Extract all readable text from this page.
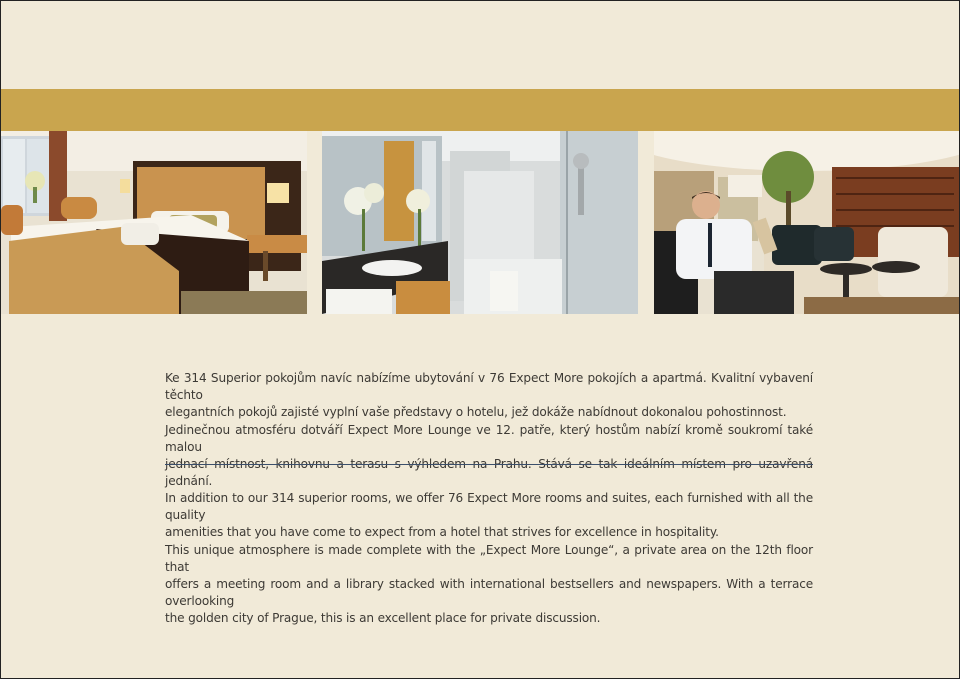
Ke 314 Superior pokojům navíc nabízíme ubytování v 76 Expect More pokojích a apartmá. Kvalitní vybavení těchto

elegantních pokojů zajisté vyplní vaše představy o hotelu, jež dokáže nabídnout dokonalou pohostinnost.

Jedinečnou atmosféru dotváří Expect More Lounge ve 12. patře, který hostům nabízí kromě soukromí také malou

jednací místnost, knihovnu a terasu s výhledem na Prahu. Stává se tak ideálním místem pro uzavřená jednání.

In addition to our 314 superior rooms, we offer 76 Expect More rooms and suites, each furnished with all the quality

amenities that you have come to expect from a hotel that strives for excellence in hospitality.

This unique atmosphere is made complete with the „Expect More Lounge“, a private area on the 12th floor that

offers a meeting room and a library stacked with international bestsellers and newspapers. With a terrace overlooking

the golden city of Prague, this is an excellent place for private discussion.
